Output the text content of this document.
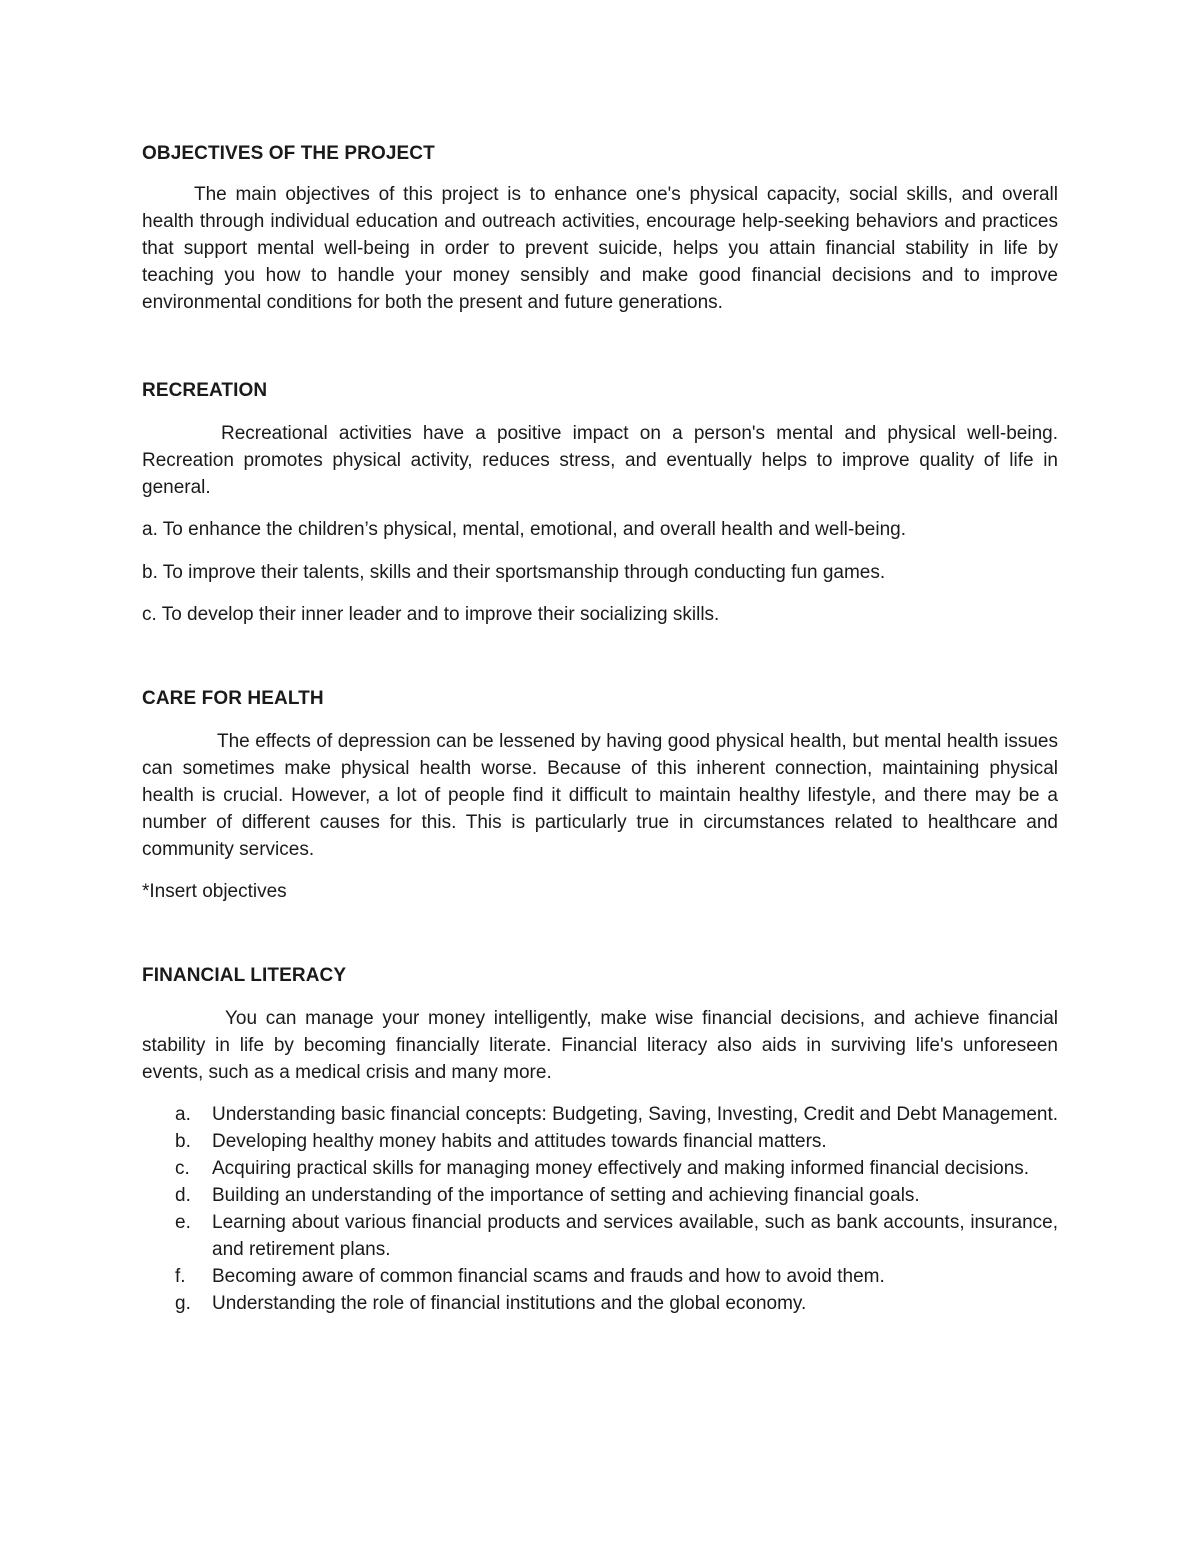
OBJECTIVES OF THE PROJECT

The main objectives of this project is to enhance one's physical capacity, social skills, and overall health through individual education and outreach activities, encourage help-seeking behaviors and practices that support mental well-being in order to prevent suicide, helps you attain financial stability in life by teaching you how to handle your money sensibly and make good financial decisions and to improve environmental conditions for both the present and future generations.

RECREATION

Recreational activities have a positive impact on a person's mental and physical well-being. Recreation promotes physical activity, reduces stress, and eventually helps to improve quality of life in general.

a. To enhance the children’s physical, mental, emotional, and overall health and well-being.

b. To improve their talents, skills and their sportsmanship through conducting fun games.

c. To develop their inner leader and to improve their socializing skills.

CARE FOR HEALTH

The effects of depression can be lessened by having good physical health, but mental health issues can sometimes make physical health worse. Because of this inherent connection, maintaining physical health is crucial. However, a lot of people find it difficult to maintain healthy lifestyle, and there may be a number of different causes for this. This is particularly true in circumstances related to healthcare and community services.

*Insert objectives

FINANCIAL LITERACY

You can manage your money intelligently, make wise financial decisions, and achieve financial stability in life by becoming financially literate. Financial literacy also aids in surviving life's unforeseen events, such as a medical crisis and many more.

a. Understanding basic financial concepts: Budgeting, Saving, Investing, Credit and Debt Management.
b. Developing healthy money habits and attitudes towards financial matters.
c. Acquiring practical skills for managing money effectively and making informed financial decisions.
d. Building an understanding of the importance of setting and achieving financial goals.
e. Learning about various financial products and services available, such as bank accounts, insurance, and retirement plans.
f. Becoming aware of common financial scams and frauds and how to avoid them.
g. Understanding the role of financial institutions and the global economy.
